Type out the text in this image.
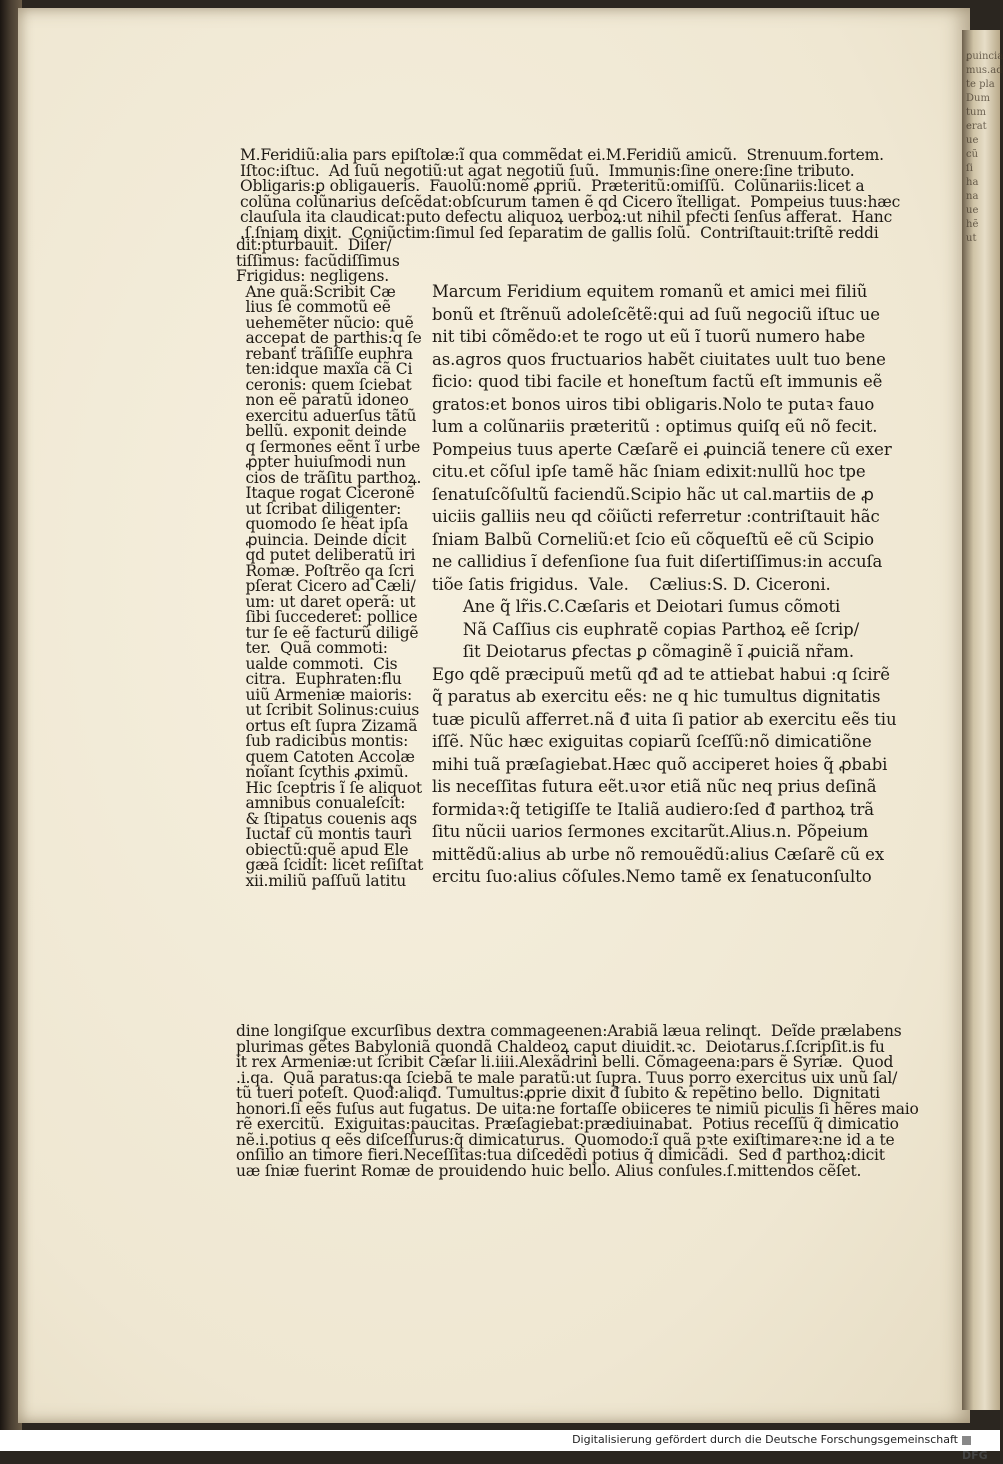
ꝑuincia
mus.ad
te pla
Dum
tum
erat
ue
cũ
ſi
ha
na
ue
hẽ
ut
M.Feridiũ:alia pars epiſtolæ:ĩ qua commẽdat ei.M.Feridiũ amicũ.  Strenuum.fortem.
Iſtoc:iſtuc.  Ad ſuũ negotiũ:ut agat negotiũ ſuũ.  Immunis:ſine onere:ſine tributo.
Obligaris:ꝑ obligaueris.  Fauolũ:nomẽ ꝓpriũ.  Prӕteritũ:omiſſũ.  Colũnariis:licet a
colũna colũnarius deſcẽdat:obſcurum tamen ẽ qd Cicero ĩtelligat.  Pompeius tuus:hӕc
clauſula ita claudicat:puto defectu aliquoꝝ uerboꝝ:ut nihil pfecti ſenſus afferat.  Hanc
.ſ.ſniam dixit.  Coniũctim:ſimul ſed ſeparatim de gallis ſolũ.  Contriſtauit:triſtẽ reddi
dit:pturbauit.  Diſer/
tiſſimus: facũdiſſimus
Frigidus: negligens.
Ane quã:Scribit Cӕ
lius ſe commotũ eẽ
uehemẽter nũcio: quẽ
accepat de parthis:q ſe
rebanť trãſiſſe euphra
ten:idque maxĩa cã Ci
ceronis: quem ſciebat
non eẽ paratũ idoneo
exercitu aduerſus tãtũ
bellũ. exponit deinde
q ſermones eẽnt ĩ urbe
ꝓpter huiuſmodi nun
cios de trãſitu parthoꝝ.
Itaque rogat Ciceronẽ
ut ſcribat diligenter:
quomodo ſe hẽat ipſa
ꝓuincia. Deinde dicit
qd putet deliberatũ iri
Romӕ. Poſtrẽo qa ſcri
pſerat Cicero ad Cӕli/
um: ut daret operã: ut
ſibi ſuccederet: pollice
tur ſe eẽ facturũ diligẽ
ter.  Quã commoti:
ualde commoti.  Cis
citra.  Euphraten:flu
uiũ Armeniӕ maioris:
ut ſcribit Solinus:cuius
ortus eſt ſupra Zizamã
ſub radicibus montis:
quem Catoten Accolӕ
noĩant ſcythis ꝓximũ.
Hic ſceptris ĩ ſe aliquot
amnibus conualeſcit:
& ſtipatus couenis aqs
Iuctaf cũ montis tauri
obiectũ:quẽ apud Ele
gæã ſcidit: licet reſiſtat
xii.miliũ paſſuũ latitu
Marcum Feridium equitem romanũ et amici mei filiũ
bonũ et ſtrẽnuũ adoleſcẽtẽ:qui ad ſuũ negociũ iſtuc ue
nit tibi cõmẽdo:et te rogo ut eũ ĩ tuorũ numero habe
as.agros quos fructuarios habẽt ciuitates uult tuo bene
ficio: quod tibi facile et honeſtum factũ eſt immunis eẽ
gratos:et bonos uiros tibi obligaris.Nolo te putaꝛ fauo
lum a colũnariis prӕteritũ : optimus quiſq eũ nõ fecit.
Pompeius tuus aperte Cӕſarẽ ei ꝓuinciã tenere cũ exer
citu.et cõſul ipſe tamẽ hãc ſniam edixit:nullũ hoc tpe
ſenatuſcõſultũ faciendũ.Scipio hãc ut cal.martiis de ꝓ
uiciis galliis neu qd cõiũcti referretur :contriſtauit hãc
ſniam Balbũ Corneliũ:et ſcio eũ cõqueſtũ eẽ cũ Scipio
ne callidius ĩ defenſione ſua fuit diſertiſſimus:in accuſa
tiõe ſatis frigidus.  Vale.    Cӕlius:S. D. Ciceroni.
Ane q̃ lr̃is.C.Cӕſaris et Deiotari ſumus cõmoti
Nã Caſſius cis euphratẽ copias Parthoꝝ eẽ ſcrip/
ſit Deiotarus ꝑfectas ꝑ cõmaginẽ ĩ ꝓuiciã nr̃am.
Ego qdẽ prӕcipuũ metũ qđ ad te attiebat habui :q ſcirẽ
q̃ paratus ab exercitu eẽs: ne q hic tumultus dignitatis
tuӕ piculũ afferret.nã đ uita ſi patior ab exercitu eẽs tiu
iſſẽ. Nũc hӕc exiguitas copiarũ ſceſſũ:nõ dimicatiõne
mihi tuã prӕſagiebat.Hӕc quõ acciperet hoies q̃ ꝓbabi
lis neceſſitas futura eẽt.uꝛor etiã nũc neq prius deſinã
formidaꝛ:q̃ tetigiſſe te Italiã audiero:ſed đ parthoꝝ trã
ſitu nũcii uarios ſermones excitarũt.Alius.n. Põpeium
mittẽdũ:alius ab urbe nõ remouẽdũ:alius Cӕſarẽ cũ ex
ercitu ſuo:alius cõſules.Nemo tamẽ ex ſenatuconſulto
dine longiſque excurſibus dextra commageenen:Arabiã lӕua relinqt.  Deĩde prӕlabens
plurimas gẽtes Babyloniã quondã Chaldeoꝝ caput diuidit.ꝛc.  Deiotarus.ſ.ſcripſit.is fu
it rex Armeniӕ:ut ſcribit Cӕſar li.iiii.Alexãdrini belli. Cõmageena:pars ẽ Syriӕ.  Quod
.i.qa.  Quã paratus:qa ſciebã te male paratũ:ut ſupra. Tuus porro exercitus uix unũ ſal/
tũ tueri poteſt. Quođ:aliqđ. Tumultus:ꝓprie dixit đ ſubito & repẽtino bello.  Dignitati
honori.ſi eẽs fuſus aut fugatus. De uita:ne fortaſſe obiiceres te nimiũ piculis ſi hẽres maio
rẽ exercitũ.  Exiguitas:paucitas. Prӕſagiebat:prӕdiuinabat.  Potius receſſũ q̃ dimicatio
nẽ.i.potius q eẽs diſceſſurus:q̃ dimicaturus.  Quomodo:ĩ quã pꝛte exiſtimareꝛ:ne id a te
onſilio an timore fieri.Neceſſitas:tua diſcedẽdi potius q̃ dimicãdi.  Sed đ parthoꝝ:dicit
uӕ ſniӕ fuerint Romӕ de prouidendo huic bello. Alius conſules.ſ.mittendos cẽſet.
Digitalisierung gefördert durch die Deutsche Forschungsgemeinschaft
DFG
